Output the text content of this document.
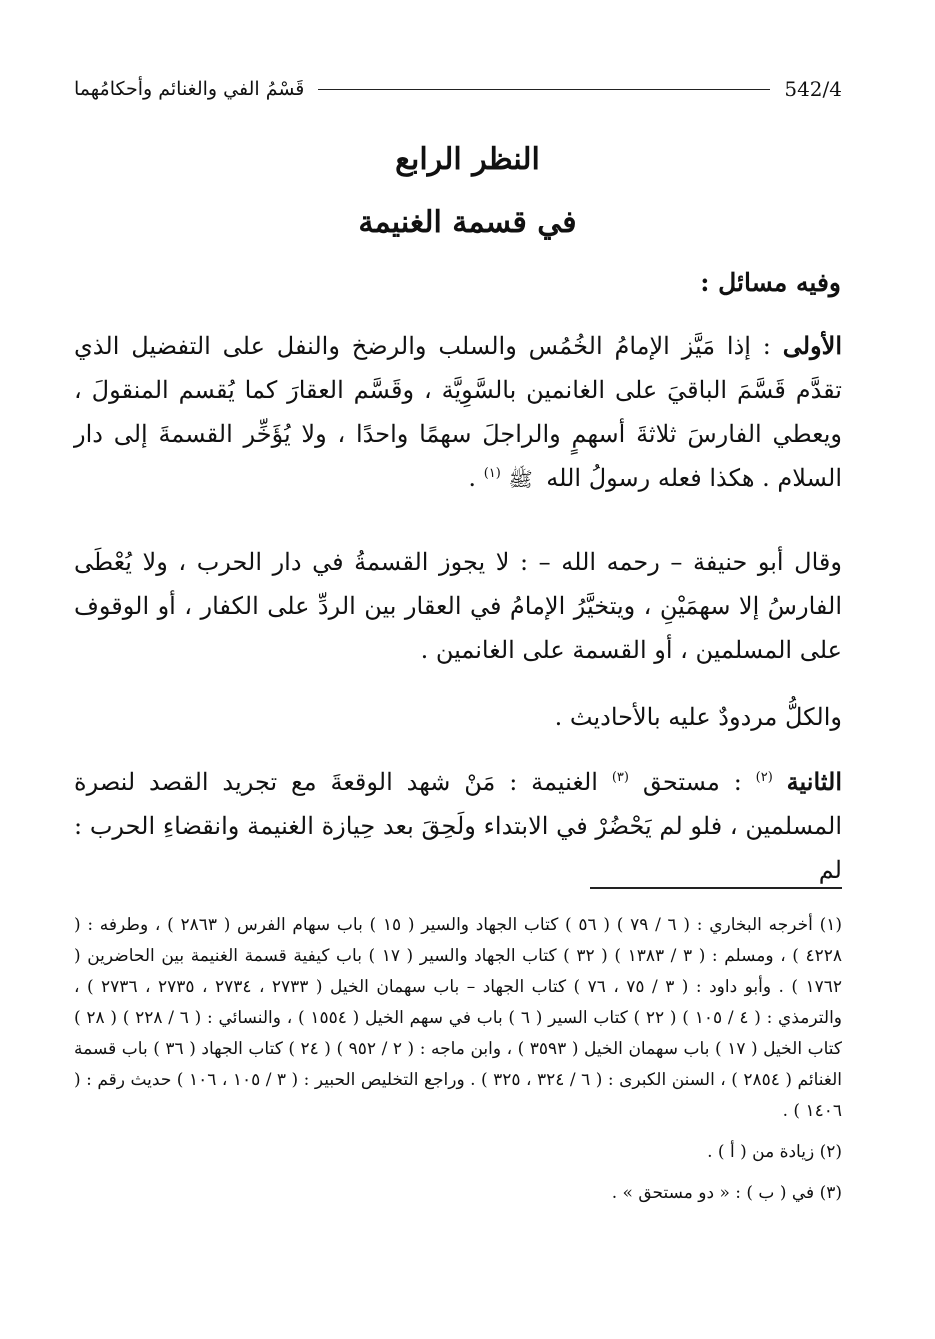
542/4
قَسْمُ الفي والغنائم وأحكامُهما
النظر الرابع
في قسمة الغنيمة
وفيه مسائل :
الأولى : إذا مَيَّز الإمامُ الخُمُس والسلب والرضخ والنفل على التفضيل الذي تقدَّم قَسَّمَ الباقيَ على الغانمين بالسَّوِيَّة ، وقَسَّم العقارَ كما يُقسم المنقولَ ، ويعطي الفارسَ ثلاثةَ أسهمٍ والراجلَ سهمًا واحدًا ، ولا يُؤَخِّر القسمةَ إلى دار السلام . هكذا فعله رسولُ الله ﷺ $^{(١)}$ .
وقال أبو حنيفة – رحمه الله – : لا يجوز القسمةُ في دار الحرب ، ولا يُعْطَى الفارسُ إلا سهمَيْنِ ، ويتخيَّرُ الإمامُ في العقار بين الردِّ على الكفار ، أو الوقوف على المسلمين ، أو القسمة على الغانمين .
والكلُّ مردودٌ عليه بالأحاديث .
الثانية $^{(٢)}$ : مستحق $^{(٣)}$ الغنيمة : مَنْ شهد الوقعةَ مع تجريد القصد لنصرة المسلمين ، فلو لم يَحْضُرْ في الابتداء ولَحِقَ بعد حِيازة الغنيمة وانقضاءِ الحرب : لم

(١) أخرجه البخاري : ( ٦ / ٧٩ ) ( ٥٦ ) كتاب الجهاد والسير ( ١٥ ) باب سهام الفرس ( ٢٨٦٣ ) ، وطرفه : ( ٤٢٢٨ ) ، ومسلم : ( ٣ / ١٣٨٣ ) ( ٣٢ ) كتاب الجهاد والسير ( ١٧ ) باب كيفية قسمة الغنيمة بين الحاضرين ( ١٧٦٢ ) . وأبو داود : ( ٣ / ٧٥ ، ٧٦ ) كتاب الجهاد – باب سهمان الخيل ( ٢٧٣٣ ، ٢٧٣٤ ، ٢٧٣٥ ، ٢٧٣٦ ) ، والترمذي : ( ٤ / ١٠٥ ) ( ٢٢ ) كتاب السير ( ٦ ) باب في سهم الخيل ( ١٥٥٤ ) ، والنسائي : ( ٦ / ٢٢٨ ) ( ٢٨ ) كتاب الخيل ( ١٧ ) باب سهمان الخيل ( ٣٥٩٣ ) ، وابن ماجه : ( ٢ / ٩٥٢ ) ( ٢٤ ) كتاب الجهاد ( ٣٦ ) باب قسمة الغنائم ( ٢٨٥٤ ) ، السنن الكبرى : ( ٦ / ٣٢٤ ، ٣٢٥ ) . وراجع التخليص الحبير : ( ٣ / ١٠٥ ، ١٠٦ ) حديث رقم : ( ١٤٠٦ ) .

(٢) زيادة من ( أ ) .

(٣) في ( ب ) : « دو مستحق » .
